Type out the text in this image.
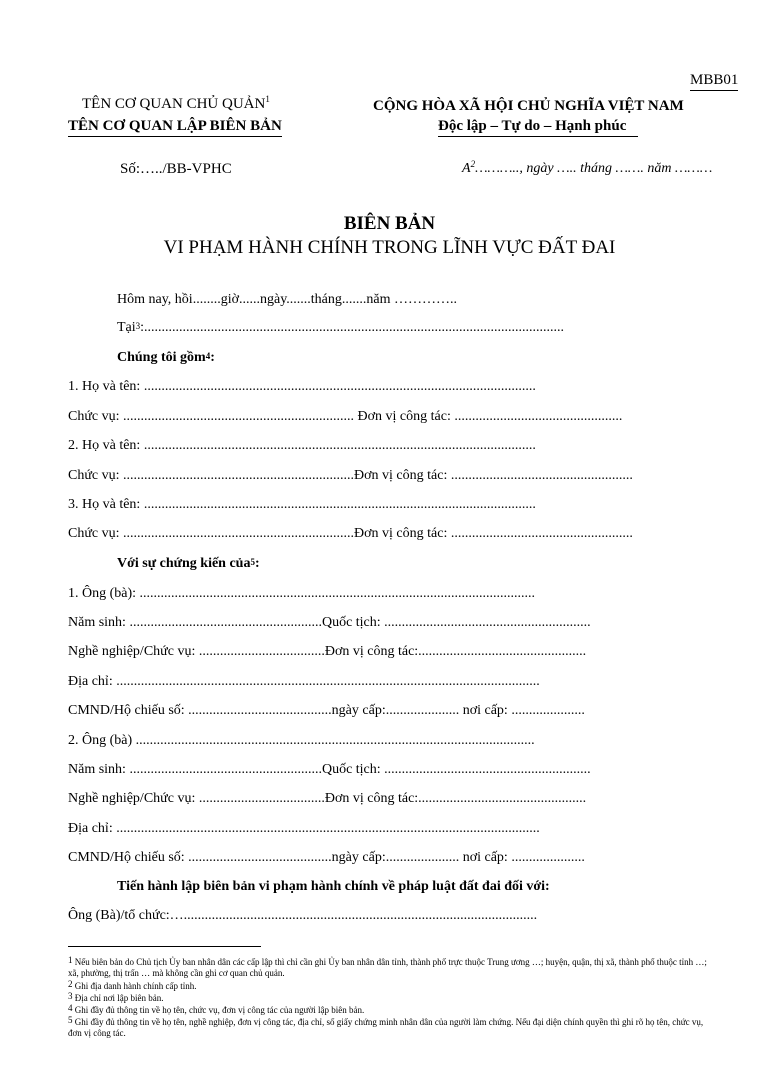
MBB01
TÊN CƠ QUAN CHỦ QUẢN$^1$
TÊN CƠ QUAN LẬP BIÊN BẢN
Số:…../BB-VPHC
CỘNG HÒA XÃ HỘI CHỦ NGHĨA VIỆT NAM
Độc lập – Tự do – Hạnh phúc
$A^2\dots\dots\dots$.., ngày ….. tháng ……. năm ………
BIÊN BẢN
VI PHẠM HÀNH CHÍNH TRONG LĨNH VỰC ĐẤT ĐAI
Hôm nay, hồi........giờ......ngày.......tháng.......năm …………..
Tại$^3$:........................................................................................................................
Chúng tôi gồm$^4$:
1. Họ và tên: ................................................................................................................
Chức vụ: .................................................................. Đơn vị công tác: ................................................
2. Họ và tên: ................................................................................................................
Chức vụ: ..................................................................Đơn vị công tác: ....................................................
3. Họ và tên: ................................................................................................................
Chức vụ: ..................................................................Đơn vị công tác: ....................................................
Với sự chứng kiến của$^5$:
1. Ông (bà): .................................................................................................................
Năm sinh: .......................................................Quốc tịch: ...........................................................
Nghề nghiệp/Chức vụ: ....................................Đơn vị công tác:................................................
Địa chỉ: .........................................................................................................................
CMND/Hộ chiếu số: .........................................ngày cấp:..................... nơi cấp: .....................
2. Ông (bà) ..................................................................................................................
Năm sinh: .......................................................Quốc tịch: ...........................................................
Nghề nghiệp/Chức vụ: ....................................Đơn vị công tác:................................................
Địa chỉ: .........................................................................................................................
CMND/Hộ chiếu số: .........................................ngày cấp:..................... nơi cấp: .....................
Tiến hành lập biên bản vi phạm hành chính về pháp luật đất đai đối với:
Ông (Bà)/tổ chức:….....................................................................................................
$^1$ Nếu biên bản do Chủ tịch Ủy ban nhân dân các cấp lập thì chỉ cần ghi Ủy ban nhân dân tỉnh, thành phố trực thuộc Trung ương …; huyện, quận, thị xã, thành phố thuộc tỉnh …; xã, phường, thị trấn … mà không cần ghi cơ quan chủ quản.
$^2$ Ghi địa danh hành chính cấp tỉnh.
$^3$ Địa chỉ nơi lập biên bản.
$^4$ Ghi đầy đủ thông tin về họ tên, chức vụ, đơn vị công tác của người lập biên bản.
$^5$ Ghi đầy đủ thông tin về họ tên, nghề nghiệp, đơn vị công tác, địa chỉ, số giấy chứng minh nhân dân của người làm chứng. Nếu đại diện chính quyền thì ghi rõ họ tên, chức vụ, đơn vị công tác.
